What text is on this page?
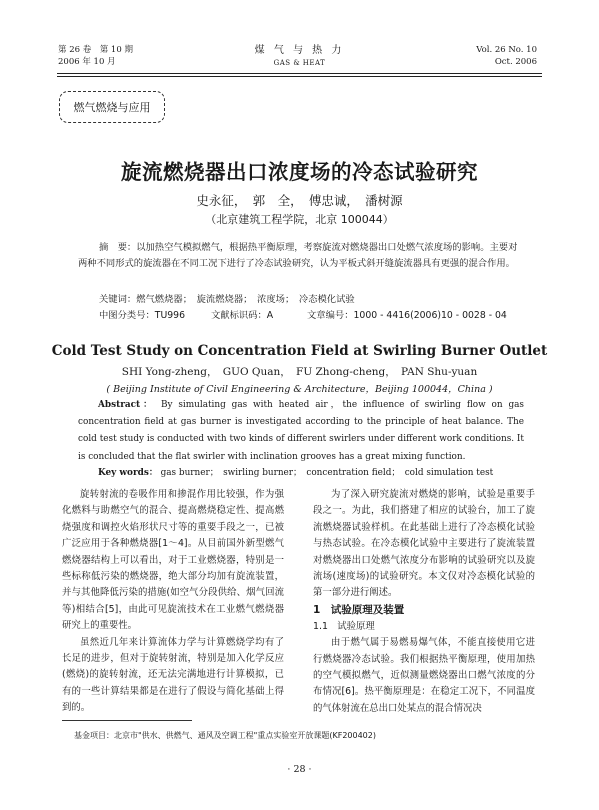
第 26 卷　第 10 期
2006 年 10 月
煤 气 与 热 力
GAS & HEAT
Vol. 26 No. 10
Oct. 2006
燃气燃烧与应用
旋流燃烧器出口浓度场的冷态试验研究
史永征，　郭　全，　傅忠诚，　潘树源
（北京建筑工程学院，北京 100044）

摘　要：以加热空气模拟燃气，根据热平衡原理，考察旋流对燃烧器出口处燃气浓度场的影响。主要对两种不同形式的旋流器在不同工况下进行了冷态试验研究，认为平板式斜开缝旋流器具有更强的混合作用。

关键词：燃气燃烧器；　旋流燃烧器；　浓度场；　冷态模化试验
中图分类号：TU996	文献标识码：A	文章编号：1000 - 4416(2006)10 - 0028 - 04
Cold Test Study on Concentration Field at Swirling Burner Outlet
SHI Yong-zheng，　GUO Quan，　FU Zhong-cheng，　PAN Shu-yuan
( Beijing Institute of Civil Engineering & Architecture，Beijing 100044，China )
Abstract： By simulating gas with heated air，the influence of swirling flow on gas concentration field at gas burner is investigated according to the principle of heat balance. The cold test study is conducted with two kinds of different swirlers under different work conditions. It is concluded that the flat swirler with inclination grooves has a great mixing function.
Key words： gas burner；　swirling burner；　concentration field；　cold simulation test

旋转射流的卷吸作用和掺混作用比较强，作为强化燃料与助燃空气的混合、提高燃烧稳定性、提高燃烧强度和调控火焰形状尺寸等的重要手段之一，已被广泛应用于各种燃烧器[1～4]。从目前国外新型燃气燃烧器结构上可以看出，对于工业燃烧器，特别是一些标称低污染的燃烧器，绝大部分均加有旋流装置，并与其他降低污染的措施(如空气分段供给、烟气回流等)相结合[5]，由此可见旋流技术在工业燃气燃烧器研究上的重要性。

虽然近几年来计算流体力学与计算燃烧学均有了长足的进步，但对于旋转射流，特别是加入化学反应(燃烧)的旋转射流，还无法完满地进行计算模拟，已有的一些计算结果都是在进行了假设与简化基础上得到的。

为了深入研究旋流对燃烧的影响，试验是重要手段之一。为此，我们搭建了相应的试验台，加工了旋流燃烧器试验样机。在此基础上进行了冷态模化试验与热态试验。在冷态模化试验中主要进行了旋流装置对燃烧器出口处燃气浓度分布影响的试验研究以及旋流场(速度场)的试验研究。本文仅对冷态模化试验的第一部分进行阐述。

1　试验原理及装置
1.1　试验原理

由于燃气属于易燃易爆气体，不能直接使用它进行燃烧器冷态试验。我们根据热平衡原理，使用加热的空气模拟燃气，近似测量燃烧器出口燃气浓度的分布情况[6]。热平衡原理是：在稳定工况下，不同温度的气体射流在总出口处某点的混合情况决

基金项目：北京市"供水、供燃气、通风及空调工程"重点实验室开放课题(KF200402)
· 28 ·
